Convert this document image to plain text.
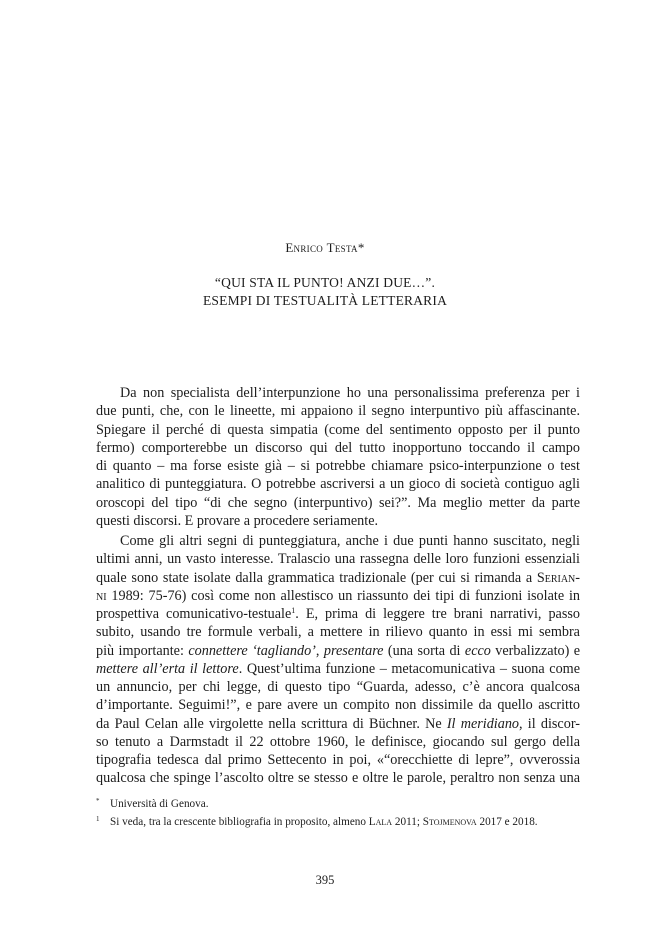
Enrico Testa*
“QUI STA IL PUNTO! ANZI DUE…”.
ESEMPI DI TESTUALITÀ LETTERARIA
Da non specialista dell’interpunzione ho una personalissima preferenza per i
due punti, che, con le lineette, mi appaiono il segno interpuntivo più affascinante.
Spiegare il perché di questa simpatia (come del sentimento opposto per il punto
fermo) comporterebbe un discorso qui del tutto inopportuno toccando il campo
di quanto – ma forse esiste già – si potrebbe chiamare psico-interpunzione o test
analitico di punteggiatura. O potrebbe ascriversi a un gioco di società contiguo agli
oroscopi del tipo “di che segno (interpuntivo) sei?”. Ma meglio metter da parte
questi discorsi. E provare a procedere seriamente.
Come gli altri segni di punteggiatura, anche i due punti hanno suscitato, negli
ultimi anni, un vasto interesse. Tralascio una rassegna delle loro funzioni essenziali
quale sono state isolate dalla grammatica tradizionale (per cui si rimanda a Serian-
ni 1989: 75-76) così come non allestisco un riassunto dei tipi di funzioni isolate in
prospettiva comunicativo-testuale$^1$. E, prima di leggere tre brani narrativi, passo
subito, usando tre formule verbali, a mettere in rilievo quanto in essi mi sembra
più importante: connettere ‘tagliando’, presentare (una sorta di ecco verbalizzato) e
mettere all’erta il lettore. Quest’ultima funzione – metacomunicativa – suona come
un annuncio, per chi legge, di questo tipo “Guarda, adesso, c’è ancora qualcosa
d’importante. Seguimi!”, e pare avere un compito non dissimile da quello ascritto
da Paul Celan alle virgolette nella scrittura di Büchner. Ne Il meridiano, il discor-
so tenuto a Darmstadt il 22 ottobre 1960, le definisce, giocando sul gergo della
tipografia tedesca dal primo Settecento in poi, «“orecchiette di lepre”, ovverossia
qualcosa che spinge l’ascolto oltre se stesso e oltre le parole, peraltro non senza una
* Università di Genova.
1 Si veda, tra la crescente bibliografia in proposito, almeno Lala 2011; Stojmenova 2017 e 2018.
395
